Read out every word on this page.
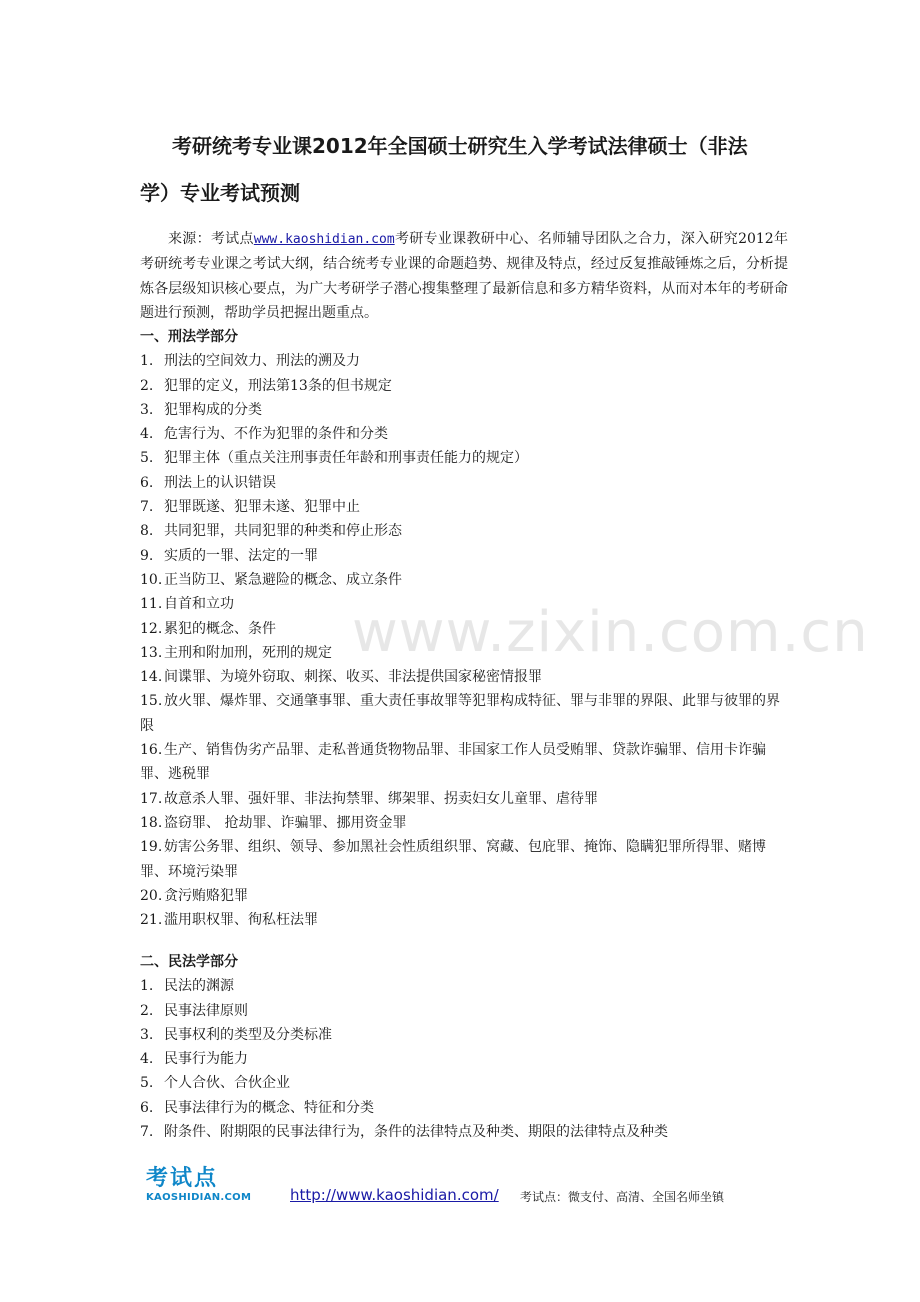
考研统考专业课2012年全国硕士研究生入学考试法律硕士（非法
学）专业考试预测
来源：考试点www.kaoshidian.com考研专业课教研中心、名师辅导团队之合力，深入研究2012年考研统考专业课之考试大纲，结合统考专业课的命题趋势、规律及特点，经过反复推敲锤炼之后，分析提炼各层级知识核心要点，为广大考研学子潜心搜集整理了最新信息和多方精华资料，从而对本年的考研命题进行预测，帮助学员把握出题重点。
一、刑法学部分
1. 刑法的空间效力、刑法的溯及力
2. 犯罪的定义，刑法第13条的但书规定
3. 犯罪构成的分类
4. 危害行为、不作为犯罪的条件和分类
5. 犯罪主体（重点关注刑事责任年龄和刑事责任能力的规定）
6. 刑法上的认识错误
7. 犯罪既遂、犯罪未遂、犯罪中止
8. 共同犯罪，共同犯罪的种类和停止形态
9. 实质的一罪、法定的一罪
10. 正当防卫、紧急避险的概念、成立条件
11. 自首和立功
12. 累犯的概念、条件
13. 主刑和附加刑，死刑的规定
14. 间谍罪、为境外窃取、刺探、收买、非法提供国家秘密情报罪
15. 放火罪、爆炸罪、交通肇事罪、重大责任事故罪等犯罪构成特征、罪与非罪的界限、此罪与彼罪的界限
16. 生产、销售伪劣产品罪、走私普通货物物品罪、非国家工作人员受贿罪、贷款诈骗罪、信用卡诈骗罪、逃税罪
17. 故意杀人罪、强奸罪、非法拘禁罪、绑架罪、拐卖妇女儿童罪、虐待罪
18. 盗窃罪、 抢劫罪、诈骗罪、挪用资金罪
19. 妨害公务罪、组织、领导、参加黑社会性质组织罪、窝藏、包庇罪、掩饰、隐瞒犯罪所得罪、赌博罪、环境污染罪
20. 贪污贿赂犯罪
21. 滥用职权罪、徇私枉法罪
二、民法学部分
1. 民法的渊源
2. 民事法律原则
3. 民事权利的类型及分类标准
4. 民事行为能力
5. 个人合伙、合伙企业
6. 民事法律行为的概念、特征和分类
7. 附条件、附期限的民事法律行为，条件的法律特点及种类、期限的法律特点及种类
www.zixin.com.cn
考试点
KAOSHIDIAN.COM	http://www.kaoshidian.com/ 考试点：微支付、高清、全国名师坐镇
